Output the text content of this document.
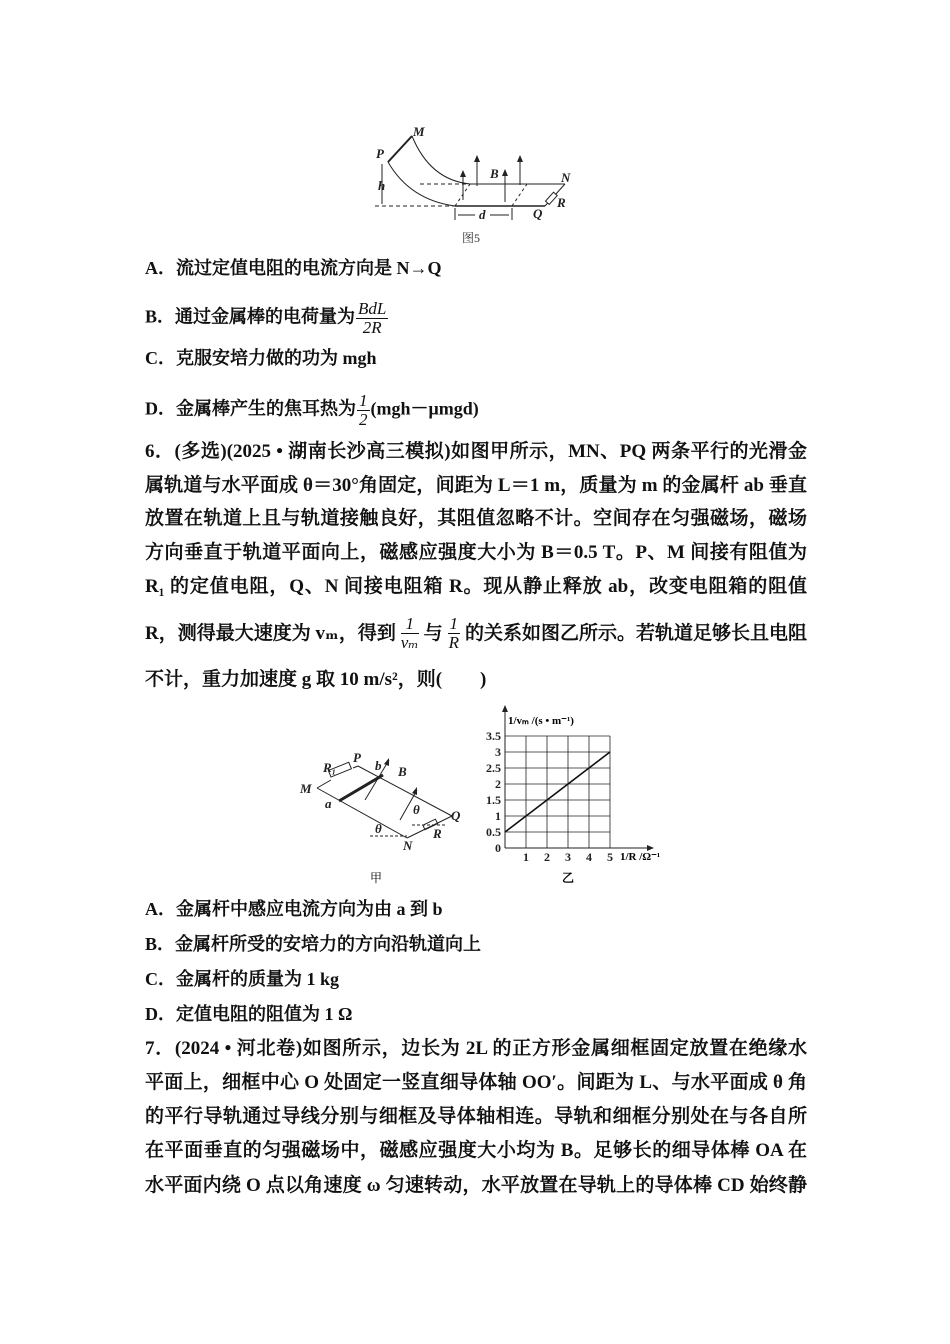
M
P
h
B	N
d	Q
R
图5
A．流过定值电阻的电流方向是 N→Q
B．通过金属棒的电荷量为 $\frac{\text{BdL}}{2R}$
C．克服安培力做的功为 mgh
D．金属棒产生的焦耳热为 $\frac{1}{2} (mgh-\mu mgd)$
6．(多选)(2025 • 湖南长沙高三模拟)如图甲所示，MN、PQ 两条平行的光滑金
属轨道与水平面成 θ＝30°角固定，间距为 L＝1 m，质量为 m 的金属杆 ab 垂直
放置在轨道上且与轨道接触良好，其阻值忽略不计。空间存在匀强磁场，磁场
方向垂直于轨道平面向上，磁感应强度大小为 B＝0.5 T。P、M 间接有阻值为
R₁ 的定值电阻，Q、N 间接电阻箱 R。现从静止释放 ab，改变电阻箱的阻值
R，测得最大速度为 vₘ，得到 $\frac{1}{\text{vₘ}}$ 与 $\frac{1}{R}$ 的关系如图乙所示。若轨道足够长且电阻
不计，重力加速度 g 取 10 m/s²，则(　　)
R₁
P
b B
M
a	θ
θ
Q
N
R
甲
1 2 3 4 5
0
0.5
1
1.5
2
2.5
3
3.5
1/vₘ /(s • m⁻¹)
1/R /Ω⁻¹
乙
A．金属杆中感应电流方向为由 a 到 b
B．金属杆所受的安培力的方向沿轨道向上
C．金属杆的质量为 1 kg
D．定值电阻的阻值为 1 Ω
7．(2024 • 河北卷)如图所示，边长为 2L 的正方形金属细框固定放置在绝缘水
平面上，细框中心 O 处固定一竖直细导体轴 OO′。间距为 L、与水平面成 θ 角
的平行导轨通过导线分别与细框及导体轴相连。导轨和细框分别处在与各自所
在平面垂直的匀强磁场中，磁感应强度大小均为 B。足够长的细导体棒 OA 在
水平面内绕 O 点以角速度 ω 匀速转动，水平放置在导轨上的导体棒 CD 始终静
